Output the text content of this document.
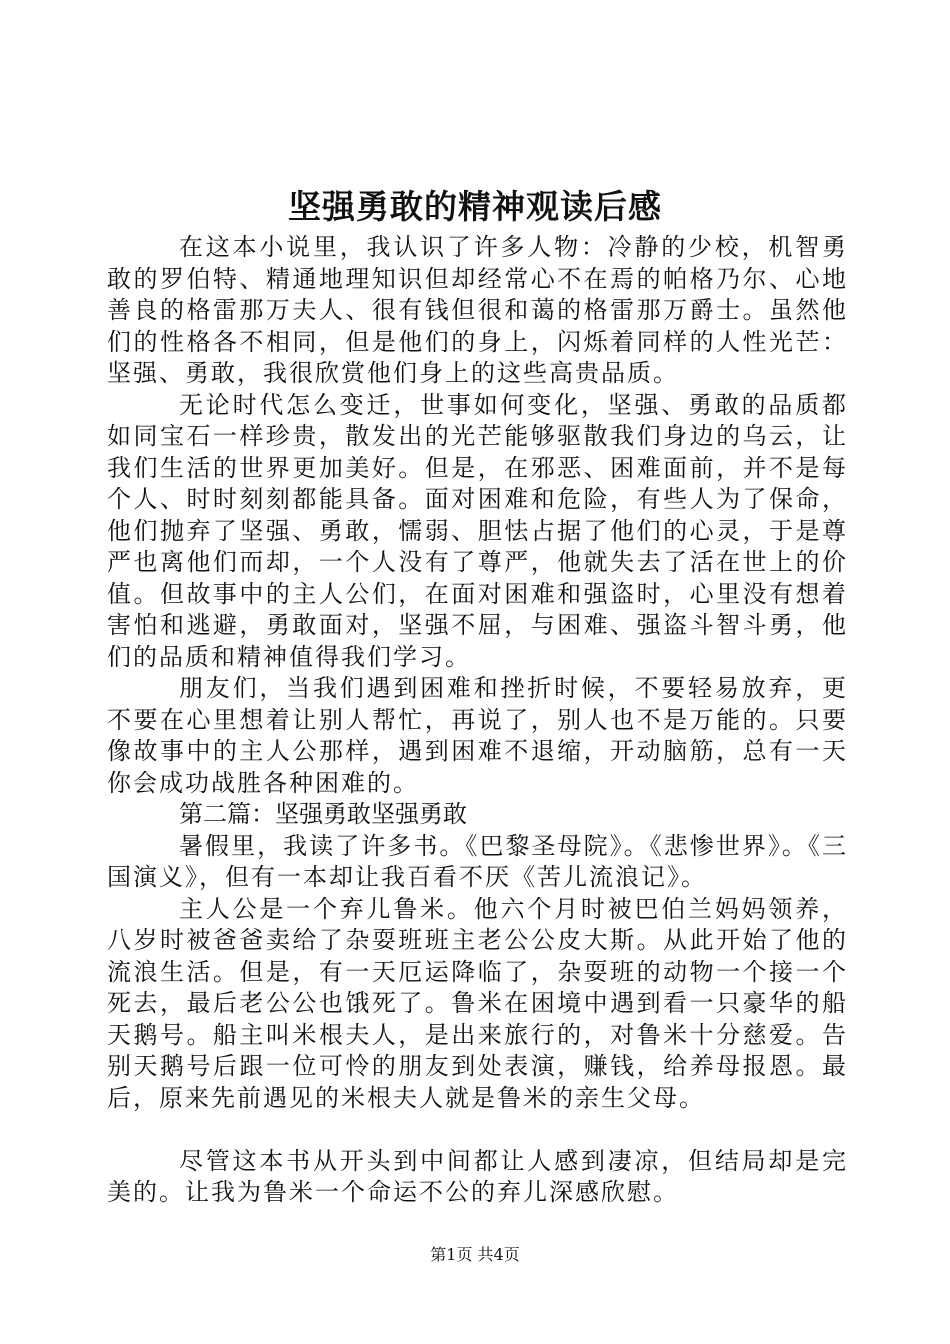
坚强勇敢的精神观读后感

在这本小说里，我认识了许多人物：冷静的少校，机智勇敢的罗伯特、精通地理知识但却经常心不在焉的帕格乃尔、心地善良的格雷那万夫人、很有钱但很和蔼的格雷那万爵士。虽然他们的性格各不相同，但是他们的身上，闪烁着同样的人性光芒：坚强、勇敢，我很欣赏他们身上的这些高贵品质。

无论时代怎么变迁，世事如何变化，坚强、勇敢的品质都如同宝石一样珍贵，散发出的光芒能够驱散我们身边的乌云，让我们生活的世界更加美好。但是，在邪恶、困难面前，并不是每个人、时时刻刻都能具备。面对困难和危险，有些人为了保命，他们抛弃了坚强、勇敢，懦弱、胆怯占据了他们的心灵，于是尊严也离他们而却，一个人没有了尊严，他就失去了活在世上的价值。但故事中的主人公们，在面对困难和强盗时，心里没有想着害怕和逃避，勇敢面对，坚强不屈，与困难、强盗斗智斗勇，他们的品质和精神值得我们学习。

朋友们，当我们遇到困难和挫折时候，不要轻易放弃，更不要在心里想着让别人帮忙，再说了，别人也不是万能的。只要像故事中的主人公那样，遇到困难不退缩，开动脑筋，总有一天你会成功战胜各种困难的。

第二篇：坚强勇敢坚强勇敢

暑假里，我读了许多书。《巴黎圣母院》。《悲惨世界》。《三国演义》，但有一本却让我百看不厌《苦儿流浪记》。

主人公是一个弃儿鲁米。他六个月时被巴伯兰妈妈领养，八岁时被爸爸卖给了杂耍班班主老公公皮大斯。从此开始了他的流浪生活。但是，有一天厄运降临了，杂耍班的动物一个接一个死去，最后老公公也饿死了。鲁米在困境中遇到看一只豪华的船天鹅号。船主叫米根夫人，是出来旅行的，对鲁米十分慈爱。告别天鹅号后跟一位可怜的朋友到处表演，赚钱，给养母报恩。最后，原来先前遇见的米根夫人就是鲁米的亲生父母。

尽管这本书从开头到中间都让人感到凄凉，但结局却是完美的。让我为鲁米一个命运不公的弃儿深感欣慰。

第1页 共4页
